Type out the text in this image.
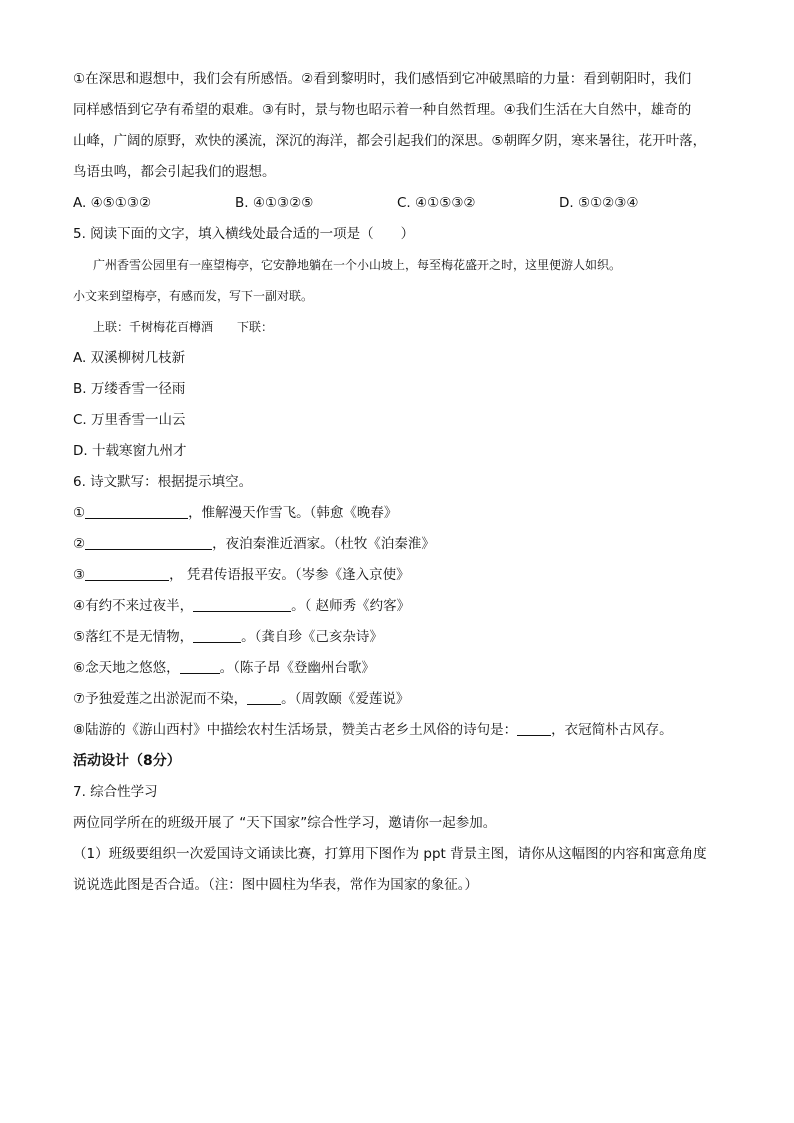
①在深思和遐想中，我们会有所感悟。②看到黎明时，我们感悟到它冲破黑暗的力量：看到朝阳时，我们
同样感悟到它孕有希望的艰难。③有时，景与物也昭示着一种自然哲理。④我们生活在大自然中，雄奇的
山峰，广阔的原野，欢快的溪流，深沉的海洋，都会引起我们的深思。⑤朝晖夕阴，寒来暑往，花开叶落，
鸟语虫鸣，都会引起我们的遐想。
A. ④⑤①③②	B. ④①③②⑤	C. ④①⑤③②	D. ⑤①②③④
5. 阅读下面的文字，填入横线处最合适的一项是（　　）
广州香雪公园里有一座望梅亭，它安静地躺在一个小山坡上，每至梅花盛开之时，这里便游人如织。
小文来到望梅亭，有感而发，写下一副对联。
上联：千树梅花百樽酒　　下联：
A. 双溪柳树几枝新
B. 万缕香雪一径雨
C. 万里香雪一山云
D. 十载寒窗九州才
6. 诗文默写：根据提示填空。
①	，惟解漫天作雪飞。（韩愈《晚春》
②	，夜泊秦淮近酒家。（杜牧《泊秦淮》
③	， 凭君传语报平安。（岑参《逢入京使》
④有约不来过夜半，	。（ 赵师秀《约客》
⑤落红不是无情物，	。（龚自珍《己亥杂诗》
⑥念天地之悠悠，	。（陈子昂《登幽州台歌》
⑦予独爱莲之出淤泥而不染，	。（周敦颐《爱莲说》
⑧陆游的《游山西村》中描绘农村生活场景，赞美古老乡土风俗的诗句是：	，衣冠简朴古风存。
活动设计（8分）
7. 综合性学习
两位同学所在的班级开展了 “天下国家”综合性学习，邀请你一起参加。
（1）班级要组织一次爱国诗文诵读比赛，打算用下图作为 ppt 背景主图，请你从这幅图的内容和寓意角度
说说选此图是否合适。（注：图中圆柱为华表，常作为国家的象征。）
